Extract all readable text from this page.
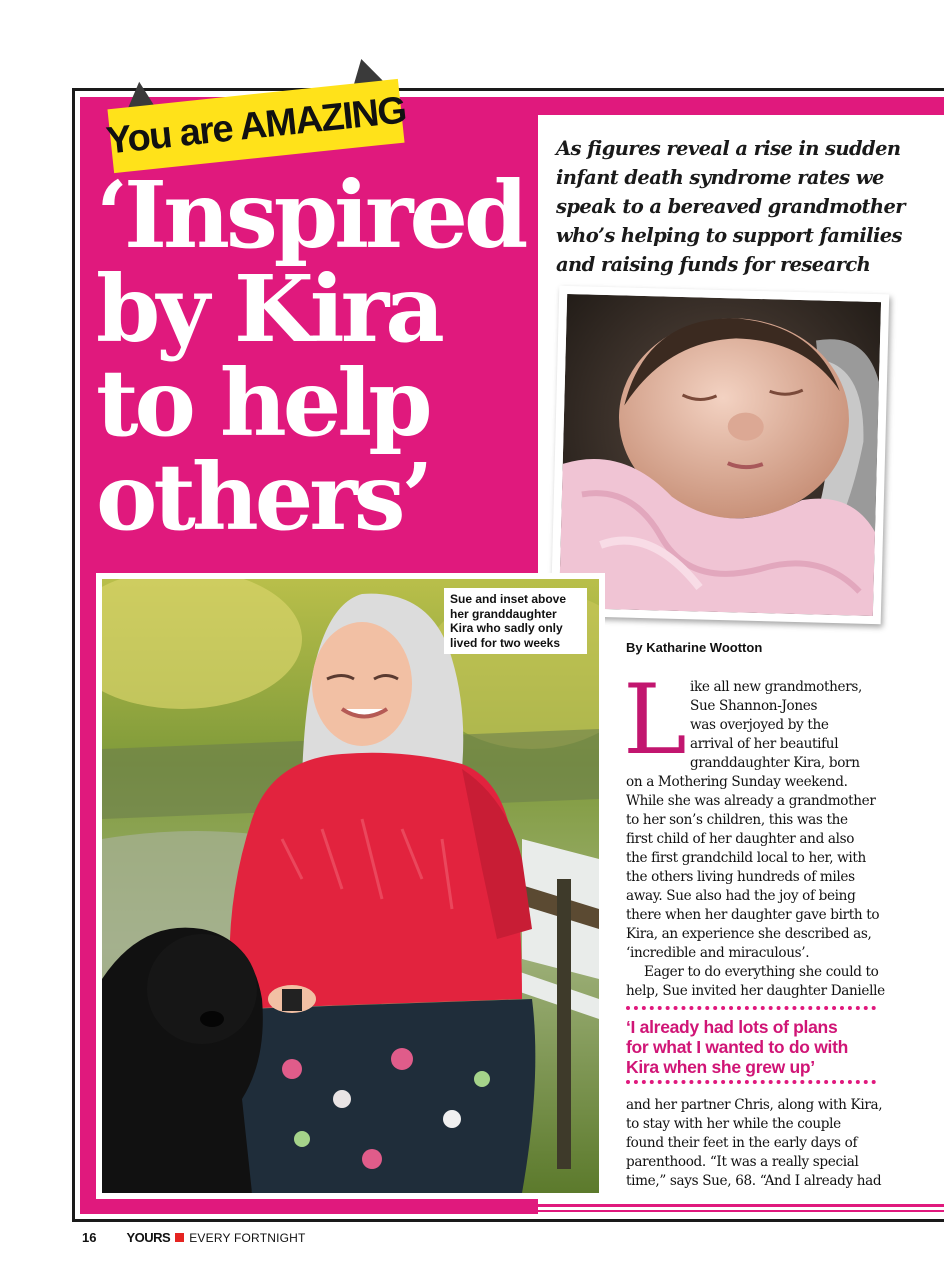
You are AMAZING
‘Inspired
by Kira
to help
others’

As figures reveal a rise in sudden
infant death syndrome rates we
speak to a bereaved grandmother
who’s helping to support families
and raising funds for research

Sue and inset above
her granddaughter
Kira who sadly only
lived for two weeks	By Katharine Wootton
L ike all new grandmothers,
Sue Shannon-Jones
was overjoyed by the
arrival of her beautiful
granddaughter Kira, born
on a Mothering Sunday weekend.
While she was already a grandmother
to her son’s children, this was the
first child of her daughter and also
the first grandchild local to her, with
the others living hundreds of miles
away. Sue also had the joy of being
there when her daughter gave birth to
Kira, an experience she described as,
‘incredible and miraculous’.
Eager to do everything she could to
help, Sue invited her daughter Danielle

‘I already had lots of plans
for what I wanted to do with
Kira when she grew up’

and her partner Chris, along with Kira,
to stay with her while the couple
found their feet in the early days of
parenthood. “It was a really special
time,” says Sue, 68. “And I already had
16 YOURS EVERY FORTNIGHT
